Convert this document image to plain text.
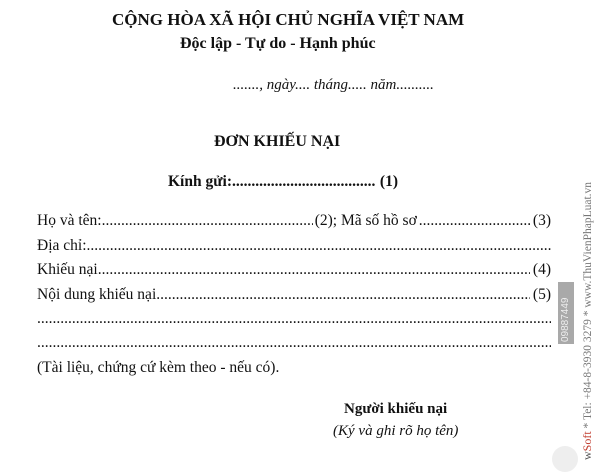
CỘNG HÒA XÃ HỘI CHỦ NGHĨA VIỆT NAM
Độc lập - Tự do - Hạnh phúc
......., ngày.... tháng..... năm..........
ĐƠN KHIẾU NẠI
Kính gửi: .....	(1)
Họ và tên: .....	(2); Mã số hồ sơ .....	(3)
Địa chỉ:
.....
Khiếu nại .....	(4)
Nội dung khiếu nại .....	(5)
.....
.....
(Tài liệu, chứng cứ kèm theo - nếu có).
Người khiếu nại
(Ký và ghi rõ họ tên)
09887449
wSoft * Tel: +84-8-3930 3279 * www.ThuVienPhapLuat.vn
